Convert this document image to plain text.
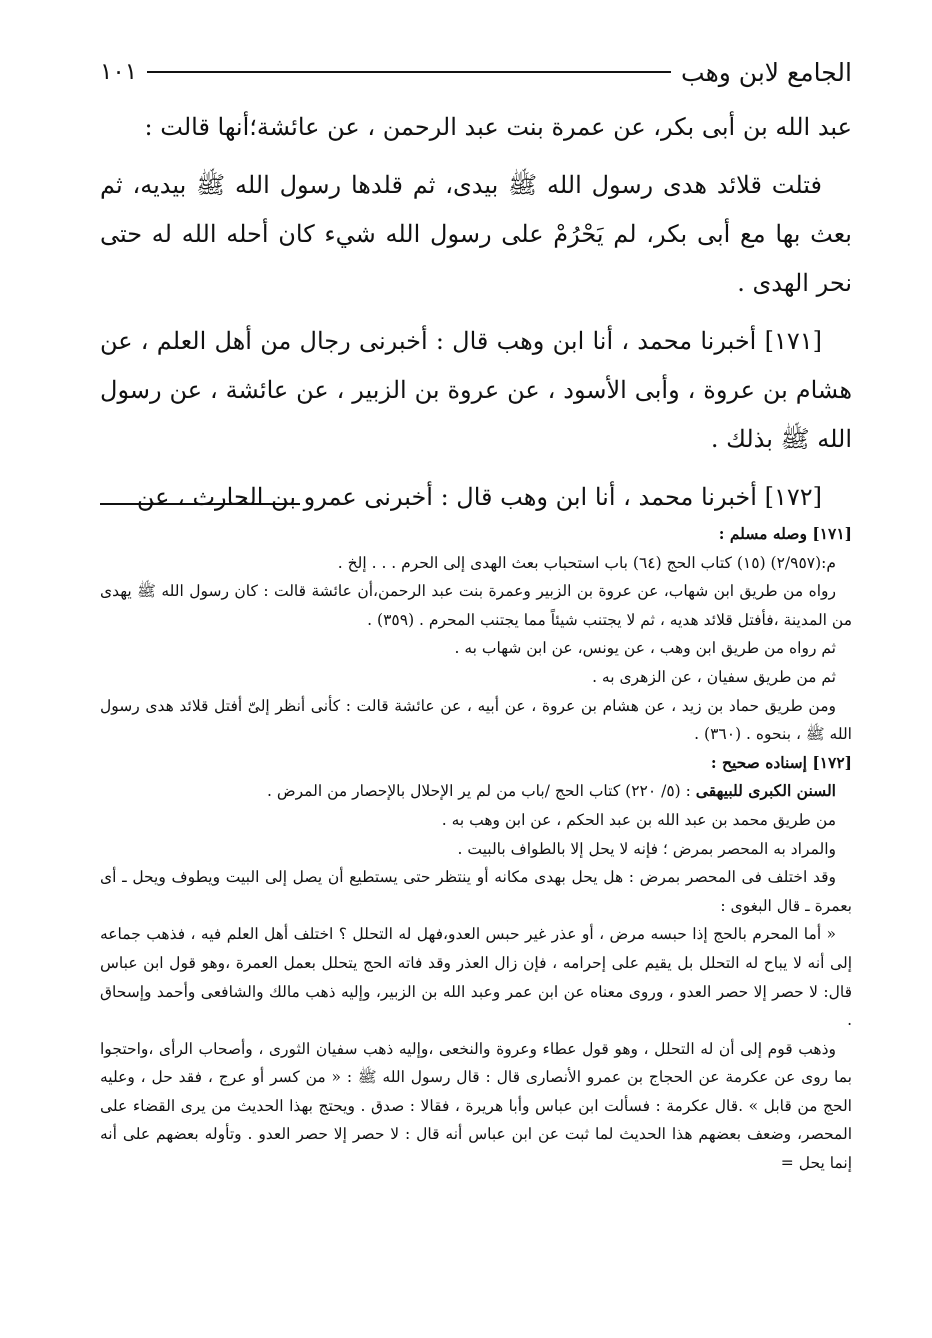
الجامع لابن وهب
١٠١

عبد الله بن أبى بكر، عن عمرة بنت عبد الرحمن ، عن عائشة؛أنها قالت :

فتلت قلائد هدى رسول الله ﷺ بيدى، ثم قلدها رسول الله ﷺ بيديه، ثم بعث بها مع أبى بكر، لم يَحْرُمْ على رسول الله شيء كان أحله الله له حتى نحر الهدى .

[١٧١] أخبرنا محمد ، أنا ابن وهب قال : أخبرنى رجال من أهل العلم ، عن هشام بن عروة ، وأبى الأسود ، عن عروة بن الزبير ، عن عائشة ، عن رسول الله ﷺ بذلك .

[١٧٢] أخبرنا محمد ، أنا ابن وهب قال : أخبرنى عمرو بن الحارث ، عن

[١٧١] وصله مسلم :

م:(٢/٩٥٧) (١٥) كتاب الحج (٦٤) باب استحباب بعث الهدى إلى الحرم . . . إلخ .

رواه من طريق ابن شهاب، عن عروة بن الزبير وعمرة بنت عبد الرحمن،أن عائشة قالت : كان رسول الله ﷺ يهدى من المدينة ،فأفتل قلائد هديه ، ثم لا يجتنب شيئاً مما يجتنب المحرم . (٣٥٩) .

ثم رواه من طريق ابن وهب ، عن يونس، عن ابن شهاب به .

ثم من طريق سفيان ، عن الزهرى به .

ومن طريق حماد بن زيد ، عن هشام بن عروة ، عن أبيه ، عن عائشة قالت : كأنى أنظر إلىّ أفتل قلائد هدى رسول الله ﷺ ، بنحوه . (٣٦٠) .

[١٧٢] إسناده صحيح :

السنن الكبرى للبيهقى : (٥/ ٢٢٠) كتاب الحج /باب من لم ير الإحلال بالإحصار من المرض .

من طريق محمد بن عبد الله بن عبد الحكم ، عن ابن وهب به .

والمراد به المحصر بمرض ؛ فإنه لا يحل إلا بالطواف بالبيت .

وقد اختلف فى المحصر بمرض : هل يحل بهدى مكانه أو ينتظر حتى يستطيع أن يصل إلى البيت ويطوف ويحل ـ أى بعمرة ـ قال البغوى :

« أما المحرم بالحج إذا حبسه مرض ، أو عذر غير حبس العدو،فهل له التحلل ؟ اختلف أهل العلم فيه ، فذهب جماعه إلى أنه لا يباح له التحلل بل يقيم على إحرامه ، فإن زال العذر وقد فاته الحج يتحلل بعمل العمرة ،وهو قول ابن عباس قال: لا حصر إلا حصر العدو ، وروى معناه عن ابن عمر وعبد الله بن الزبير، وإليه ذهب مالك والشافعى وأحمد وإسحاق .

وذهب قوم إلى أن له التحلل ، وهو قول عطاء وعروة والنخعى ،وإليه ذهب سفيان الثورى ، وأصحاب الرأى ،واحتجوا بما روى عن عكرمة عن الحجاج بن عمرو الأنصارى قال : قال رسول الله ﷺ : « من كسر أو عرج ، فقد حل ، وعليه الحج من قابل » .قال عكرمة : فسألت ابن عباس وأبا هريرة ، فقالا : صدق . ويحتج بهذا الحديث من يرى القضاء على المحصر، وضعف بعضهم هذا الحديث لما ثبت عن ابن عباس أنه قال : لا حصر إلا حصر العدو . وتأوله بعضهم على أنه إنما يحل =
